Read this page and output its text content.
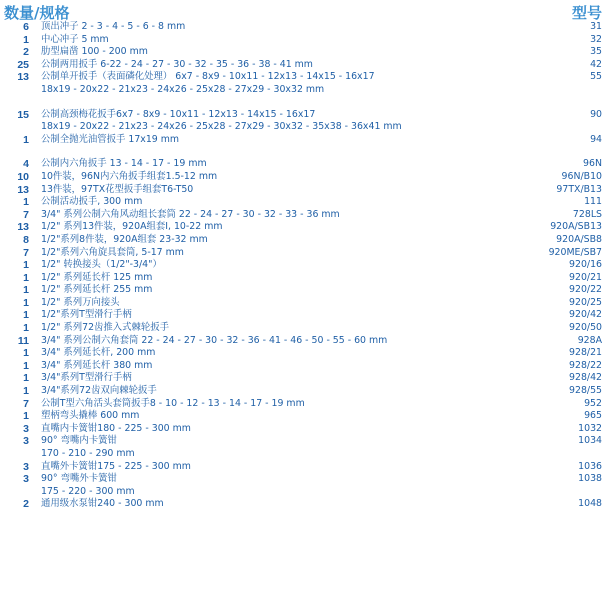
数量/规格	型号
6 顶出冲子 2 - 3 - 4 - 5 - 6 - 8 mm	31
1 中心冲子 5 mm	32
2 肋型扁凿 100 - 200 mm	35
25 公制两用扳手 6-22 - 24 - 27 - 30 - 32 - 35 - 36 - 38 - 41 mm	42
13 公制单开扳手（表面磷化处理） 6x7 - 8x9 - 10x11 - 12x13 - 14x15 - 16x17	55
18x19 - 20x22 - 21x23 - 24x26 - 25x28 - 27x29 - 30x32 mm
15 公制高颈梅花扳手6x7 - 8x9 - 10x11 - 12x13 - 14x15 - 16x17	90
18x19 - 20x22 - 21x23 - 24x26 - 25x28 - 27x29 - 30x32 - 35x38 - 36x41 mm
1 公制全抛光油管扳手 17x19 mm	94
4 公制内六角扳手 13 - 14 - 17 - 19 mm	96N
10 10件装，96N内六角扳手组套1.5-12 mm	96N/B10
13 13件装，97TX花型扳手组套T6-T50	97TX/B13
1 公制活动扳手, 300 mm	111
7 3/4" 系列公制六角风动组长套筒 22 - 24 - 27 - 30 - 32 - 33 - 36 mm	728LS
13 1/2" 系列13件装，920A组套I, 10-22 mm	920A/SB13
8 1/2"系列8件装，920A组套 23-32 mm	920A/SB8
7 1/2"系列六角旋具套筒, 5-17 mm	920ME/SB7
1 1/2" 转换接头（1/2"-3/4"）	920/16
1 1/2" 系列延长杆 125 mm	920/21
1 1/2" 系列延长杆 255 mm	920/22
1 1/2" 系列万向接头	920/25
1 1/2"系列T型滑行手柄	920/42
1 1/2" 系列72齿推入式棘轮扳手	920/50
11 3/4" 系列公制六角套筒 22 - 24 - 27 - 30 - 32 - 36 - 41 - 46 - 50 - 55 - 60 mm	928A
1 3/4" 系列延长杆, 200 mm	928/21
1 3/4" 系列延长杆 380 mm	928/22
1 3/4"系列T型滑行手柄	928/42
1 3/4"系列72齿双向棘轮扳手	928/55
7 公制T型六角活头套筒扳手8 - 10 - 12 - 13 - 14 - 17 - 19 mm	952
1 塑柄弯头撬棒 600 mm	965
3 直嘴内卡簧钳180 - 225 - 300 mm	1032
3 90° 弯嘴内卡簧钳	1034
170 - 210 - 290 mm
3 直嘴外卡簧钳175 - 225 - 300 mm	1036
3 90° 弯嘴外卡簧钳	1038
175 - 220 - 300 mm
2 通用级水泵钳240 - 300 mm	1048
